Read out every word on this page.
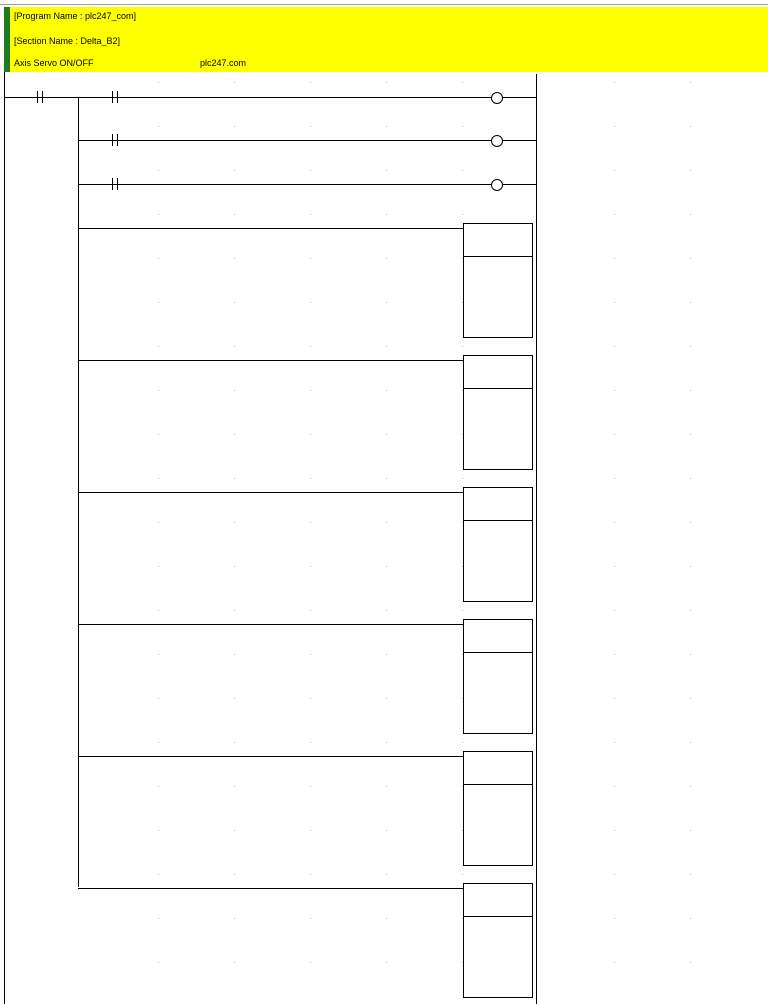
[Program Name : plc247_com]
[Section Name : Delta_B2]
Axis Servo ON/OFF	plc247.com
